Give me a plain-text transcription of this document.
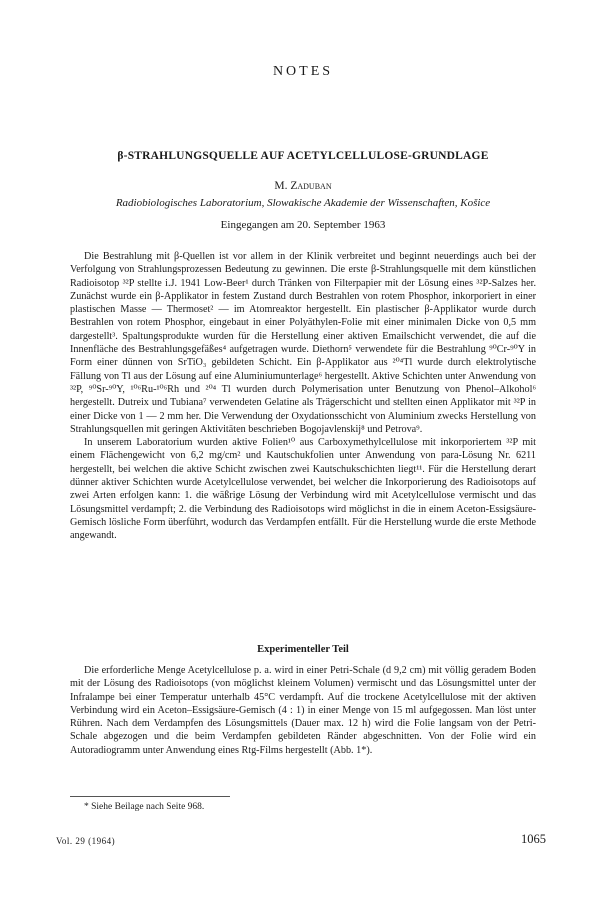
NOTES
β-STRAHLUNGSQUELLE AUF ACETYLCELLULOSE-GRUNDLAGE
M. Zaduban
Radiobiologisches Laboratorium, Slowakische Akademie der Wissenschaften, Košice
Eingegangen am 20. September 1963

Die Bestrahlung mit β-Quellen ist vor allem in der Klinik verbreitet und beginnt neuerdings auch bei der Verfolgung von Strahlungsprozessen Bedeutung zu gewinnen. Die erste β-Strahlungsquelle mit dem künstlichen Radioisotop ³²P stellte i.J. 1941 Low-Beer¹ durch Tränken von Filterpapier mit der Lösung eines ³²P-Salzes her. Zunächst wurde ein β-Applikator in festem Zustand durch Bestrahlen von rotem Phosphor, inkorporiert in einer plastischen Masse — Thermoset² — im Atomreaktor hergestellt. Ein plastischer β-Applikator wurde durch Bestrahlen von rotem Phosphor, eingebaut in einer Polyäthylen-Folie mit einer minimalen Dicke von 0,5 mm dargestellt³. Spaltungsprodukte wurden für die Herstellung einer aktiven Emailschicht verwendet, die auf die Innenfläche des Bestrahlungsgefäßes⁴ aufgetragen wurde. Diethorn⁵ verwendete für die Bestrahlung ⁹⁰Cr-⁹⁰Y in Form einer dünnen von SrTiO₃ gebildeten Schicht. Ein β-Applikator aus ²⁰⁴Tl wurde durch elektrolytische Fällung von Tl aus der Lösung auf eine Aluminiumunterlage⁶ hergestellt. Aktive Schichten unter Anwendung von ³²P, ⁹⁰Sr-⁹⁰Y, ¹⁰⁶Ru-¹⁰⁶Rh und ²⁰⁴ Tl wurden durch Polymerisation unter Benutzung von Phenol–Alkohol⁶ hergestellt. Dutreix und Tubiana⁷ verwendeten Gelatine als Trägerschicht und stellten einen Applikator mit ³²P in einer Dicke von 1 — 2 mm her. Die Verwendung der Oxydationsschicht von Aluminium zwecks Herstellung von Strahlungsquellen mit geringen Aktivitäten beschrieben Bogojavlenskij⁸ und Petrova⁹.

In unserem Laboratorium wurden aktive Folien¹⁰ aus Carboxymethylcellulose mit inkorporiertem ³²P mit einem Flächengewicht von 6,2 mg/cm² und Kautschukfolien unter Anwendung von para-Lösung Nr. 6211 hergestellt, bei welchen die aktive Schicht zwischen zwei Kautschukschichten liegt¹¹. Für die Herstellung derart dünner aktiver Schichten wurde Acetylcellulose verwendet, bei welcher die Inkorporierung des Radioisotops auf zwei Arten erfolgen kann: 1. die wäßrige Lösung der Verbindung wird mit Acetylcellulose vermischt und das Lösungsmittel verdampft; 2. die Verbindung des Radioisotops wird möglichst in die in einem Aceton-Essigsäure-Gemisch lösliche Form überführt, wodurch das Verdampfen entfällt. Für die Herstellung wurde die erste Methode angewandt.

Experimenteller Teil

Die erforderliche Menge Acetylcellulose p. a. wird in einer Petri-Schale (d 9,2 cm) mit völlig geradem Boden mit der Lösung des Radioisotops (von möglichst kleinem Volumen) vermischt und das Lösungsmittel unter der Infralampe bei einer Temperatur unterhalb 45°C verdampft. Auf die trockene Acetylcellulose mit der aktiven Verbindung wird ein Aceton–Essigsäure-Gemisch (4 : 1) in einer Menge von 15 ml aufgegossen. Man löst unter Rühren. Nach dem Verdampfen des Lösungsmittels (Dauer max. 12 h) wird die Folie langsam von der Petri-Schale abgezogen und die beim Verdampfen gebildeten Ränder abgeschnitten. Von der Folie wird ein Autoradiogramm unter Anwendung eines Rtg-Films hergestellt (Abb. 1*).

* Siehe Beilage nach Seite 968.
Vol. 29 (1964)	1065
